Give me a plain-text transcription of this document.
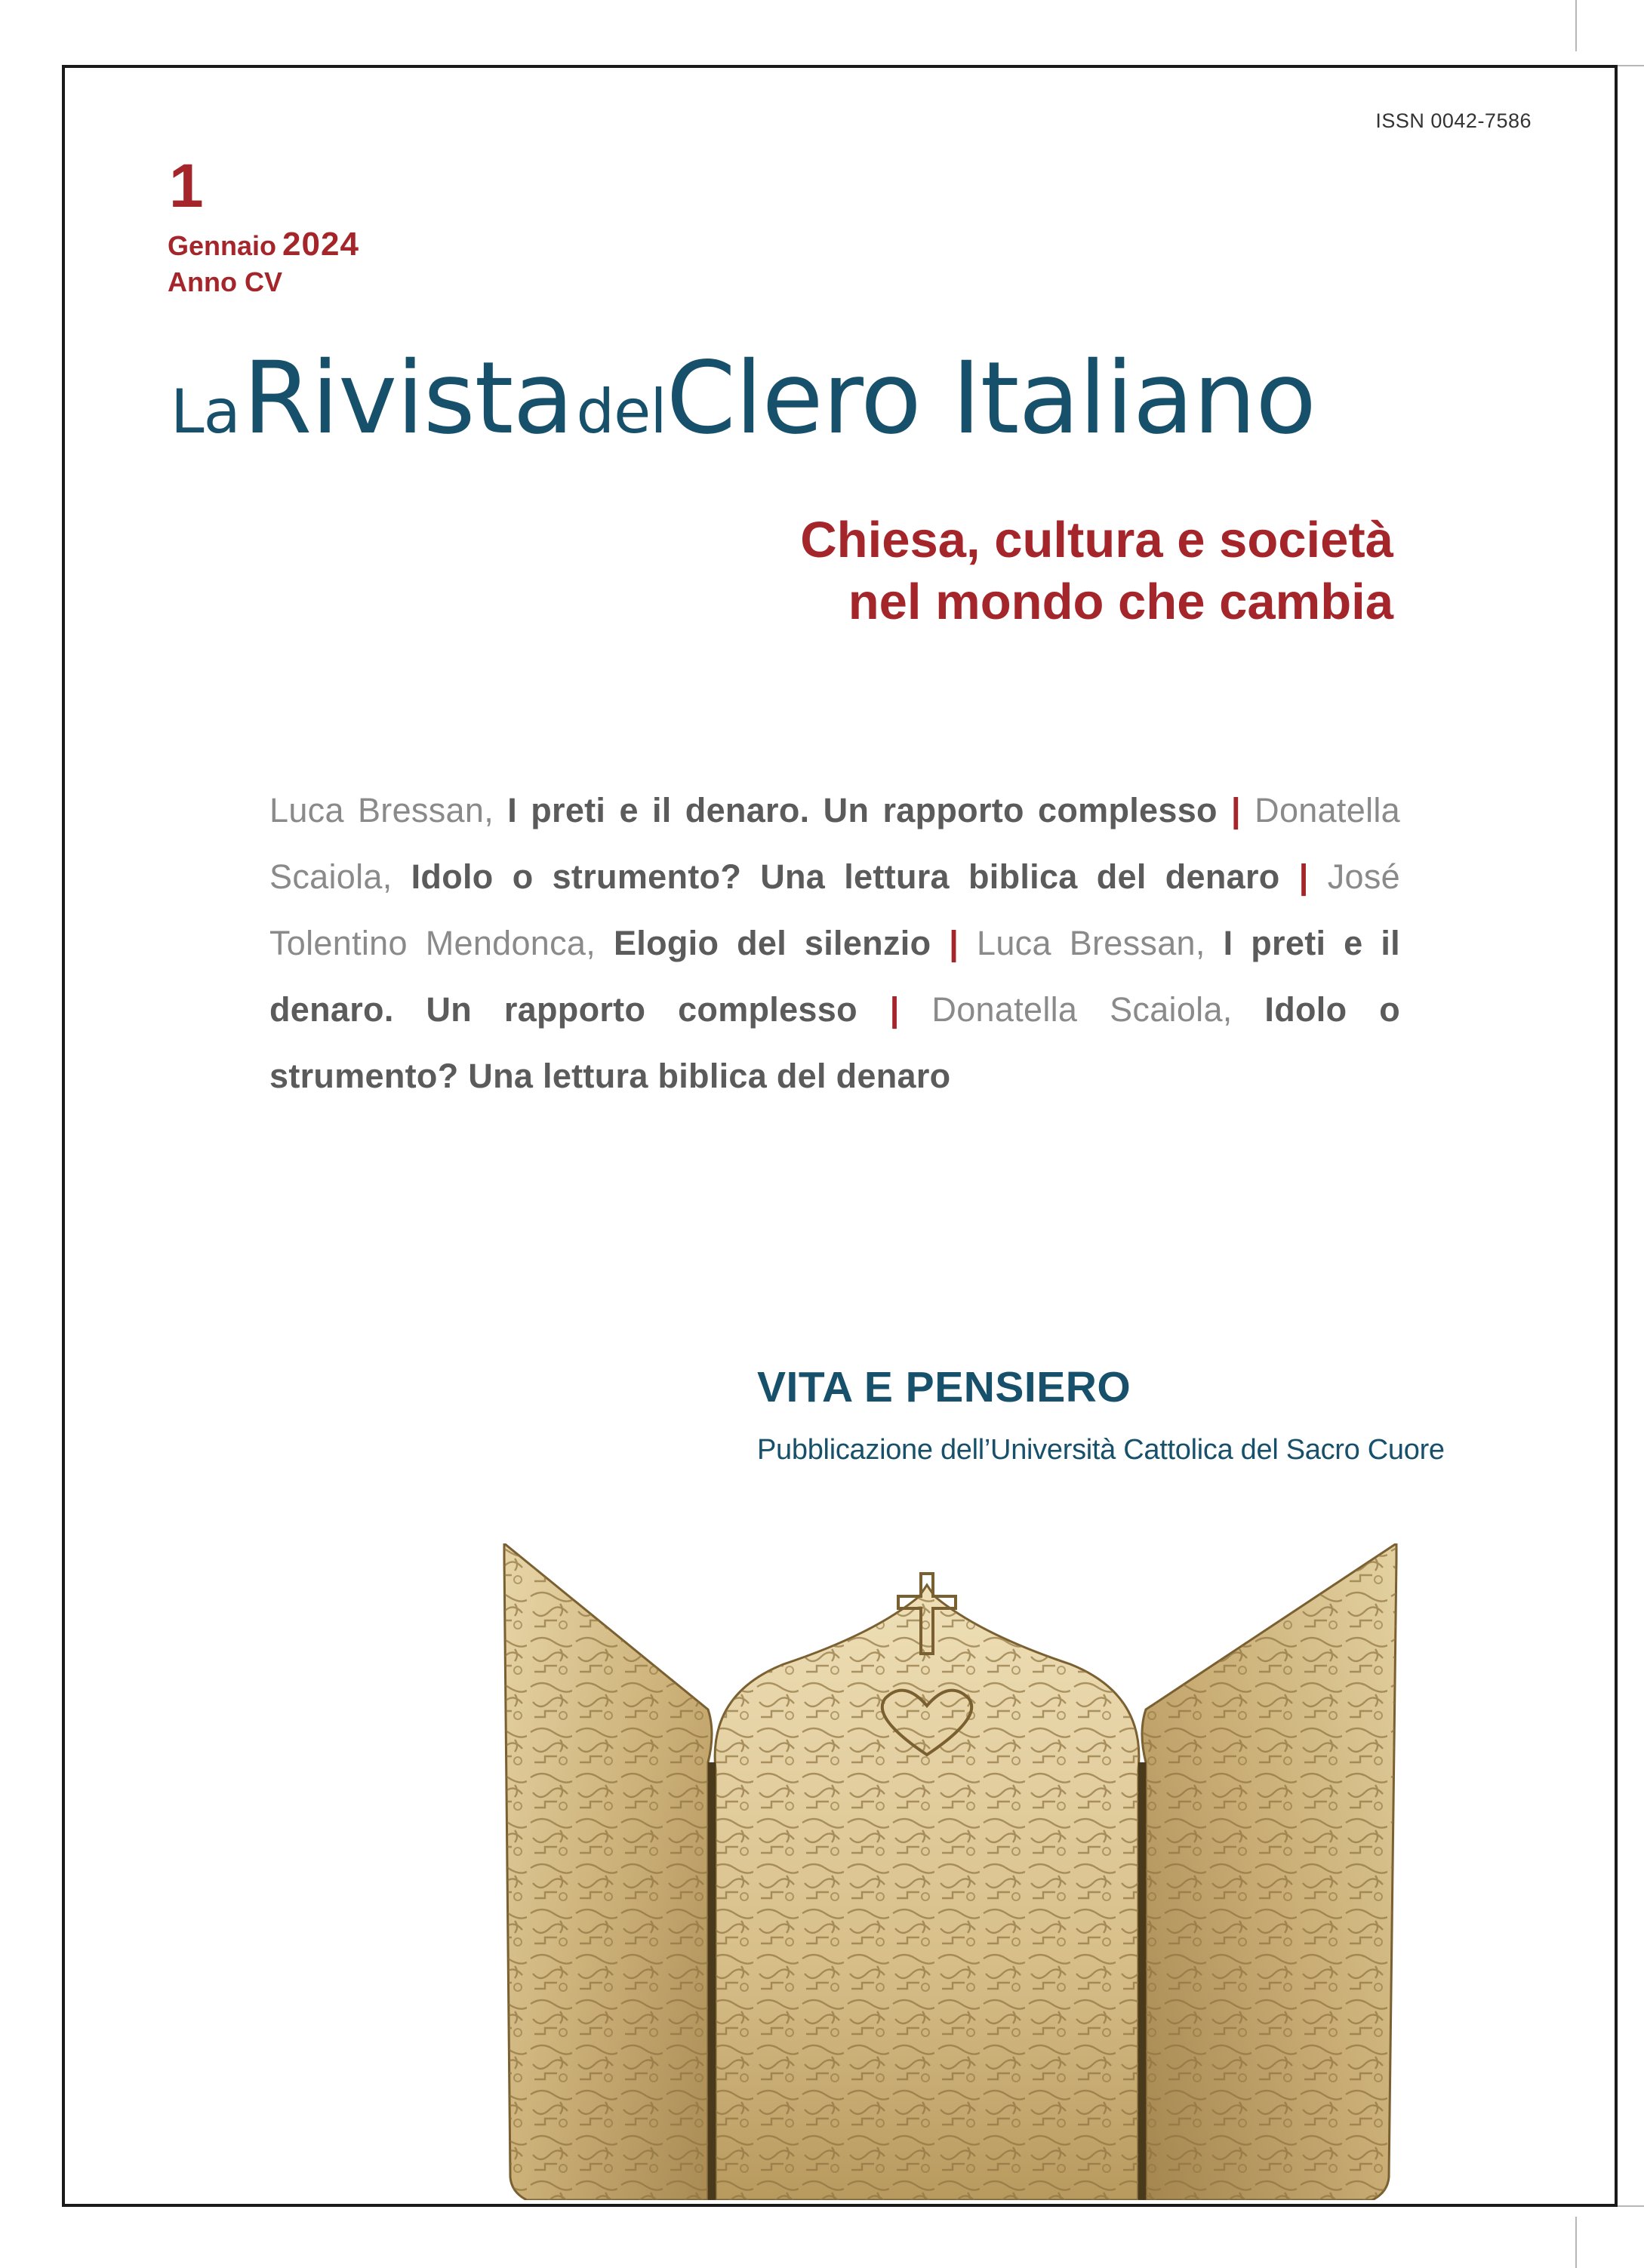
ISSN 0042-7586
1
Gennaio 2024
Anno CV
La Rivista delClero Italiano
Chiesa, cultura e società
nel mondo che cambia
Luca Bressan, I preti e il denaro. Un rapporto complesso | Donatella Scaiola, Idolo o strumento? Una lettura biblica del denaro | José Tolentino Mendonca, Elogio del silenzio | Luca Bressan, I preti e il denaro. Un rapporto complesso | Donatella Scaiola, Idolo o strumento? Una lettura biblica del denaro
VITA E PENSIERO
Pubblicazione dell’Università Cattolica del Sacro Cuore
